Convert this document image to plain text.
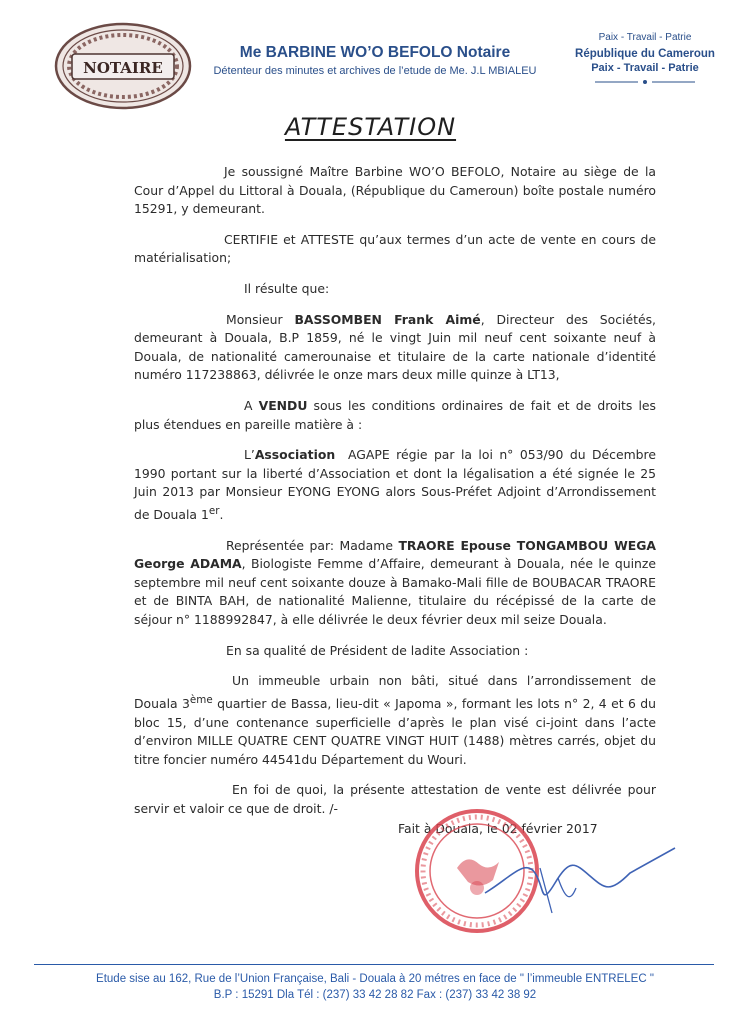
NOTAIRE
Me BARBINE WO’O BEFOLO Notaire
Détenteur des minutes et archives de l’etude de Me. J.L MBIALEU
Paix - Travail - Patrie
République du Cameroun
Paix - Travail - Patrie
ATTESTATION

Je soussigné Maître Barbine WO’O BEFOLO, Notaire au siège de la Cour d’Appel du Littoral à Douala, (République du Cameroun) boîte postale numéro 15291, y demeurant.

CERTIFIE et ATTESTE qu’aux termes d’un acte de vente en cours de matérialisation;

Il résulte que:

Monsieur BASSOMBEN Frank Aimé, Directeur des Sociétés, demeurant à Douala, B.P 1859, né le vingt Juin mil neuf cent soixante neuf à Douala, de nationalité camerounaise et titulaire de la carte nationale d’identité numéro 117238863, délivrée le onze mars deux mille quinze à LT13,

A VENDU sous les conditions ordinaires de fait et de droits les plus étendues en pareille matière à :

L’Association AGAPE régie par la loi n° 053/90 du Décembre 1990 portant sur la liberté d’Association et dont la légalisation a été signée le 25 Juin 2013 par Monsieur EYONG EYONG alors Sous-Préfet Adjoint d’Arrondissement de Douala 1er.

Représentée par: Madame TRAORE Epouse TONGAMBOU WEGA George ADAMA, Biologiste Femme d’Affaire, demeurant à Douala, née le quinze septembre mil neuf cent soixante douze à Bamako-Mali fille de BOUBACAR TRAORE et de BINTA BAH, de nationalité Malienne, titulaire du récépissé de la carte de séjour n° 1188992847, à elle délivrée le deux février deux mil seize Douala.

En sa qualité de Président de ladite Association :

Un immeuble urbain non bâti, situé dans l’arrondissement de Douala 3ème quartier de Bassa, lieu-dit « Japoma », formant les lots n° 2, 4 et 6 du bloc 15, d’une contenance superficielle d’après le plan visé ci-joint dans l’acte d’environ MILLE QUATRE CENT QUATRE VINGT HUIT (1488) mètres carrés, objet du titre foncier numéro 44541du Département du Wouri.

En foi de quoi, la présente attestation de vente est délivrée pour servir et valoir ce que de droit. /-

Fait à Douala, le 02 février 2017
Etude sise au 162, Rue de l’Union Française, Bali - Douala à 20 métres en face de " l’immeuble ENTRELEC "
B.P : 15291 Dla Tél : (237) 33 42 28 82 Fax : (237) 33 42 38 92
